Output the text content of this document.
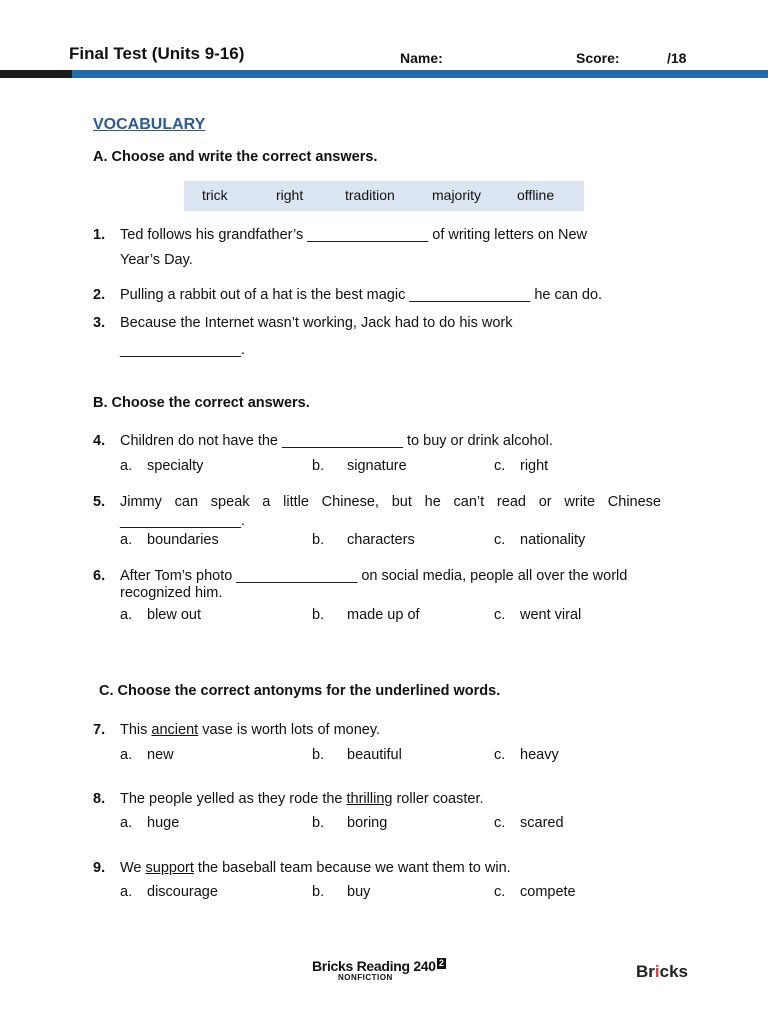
Final Test (Units 9-16)	Name:	Score:	/18
VOCABULARY
A. Choose and write the correct answers.
trick	right	tradition	majority	offline
1. Ted follows his grandfather’s _______________ of writing letters on New
Year’s Day.
2. Pulling a rabbit out of a hat is the best magic _______________ he can do.
3. Because the Internet wasn’t working, Jack had to do his work
_______________.
B. Choose the correct answers.
4. Children do not have the _______________ to buy or drink alcohol.
a. specialty	b. signature	c. right
5. Jimmy can speak a little Chinese, but he can’t read or write Chinese
_______________.
a. boundaries	b. characters	c. nationality
6. After Tom’s photo _______________ on social media, people all over the world
recognized him.
a. blew out	b. made up of	c. went viral
C. Choose the correct antonyms for the underlined words.
7. This ancient vase is worth lots of money.
a. new	b. beautiful	c. heavy
8. The people yelled as they rode the thrilling roller coaster.
a. huge	b. boring	c. scared
9. We support the baseball team because we want them to win.
a. discourage	b. buy	c. compete
Bricks Reading 240 2
NONFICTION	Bricks
